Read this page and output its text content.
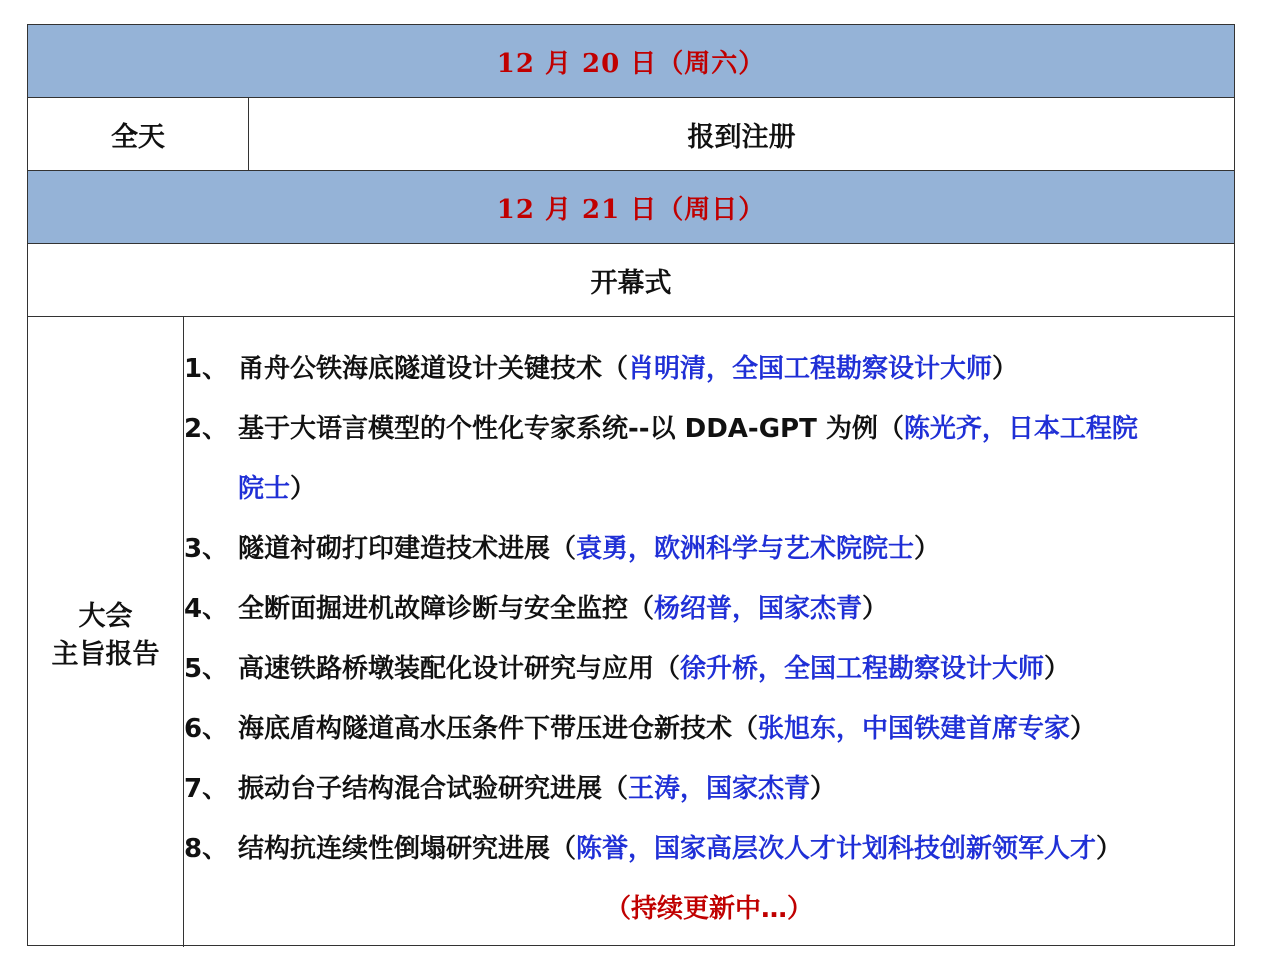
12 月 20 日（周六）
全天	报到注册
12 月 21 日（周日）
开幕式
大会
主旨报告
1、 甬舟公铁海底隧道设计关键技术（肖明清，全国工程勘察设计大师）
2、 基于大语言模型的个性化专家系统--以 DDA-GPT 为例（陈光齐，日本工程院
院士）
3、 隧道衬砌打印建造技术进展（袁勇，欧洲科学与艺术院院士）
4、 全断面掘进机故障诊断与安全监控（杨绍普，国家杰青）
5、 高速铁路桥墩装配化设计研究与应用（徐升桥，全国工程勘察设计大师）
6、 海底盾构隧道高水压条件下带压进仓新技术（张旭东，中国铁建首席专家）
7、 振动台子结构混合试验研究进展（王涛，国家杰青）
8、 结构抗连续性倒塌研究进展（陈誉，国家高层次人才计划科技创新领军人才）
（持续更新中…）
